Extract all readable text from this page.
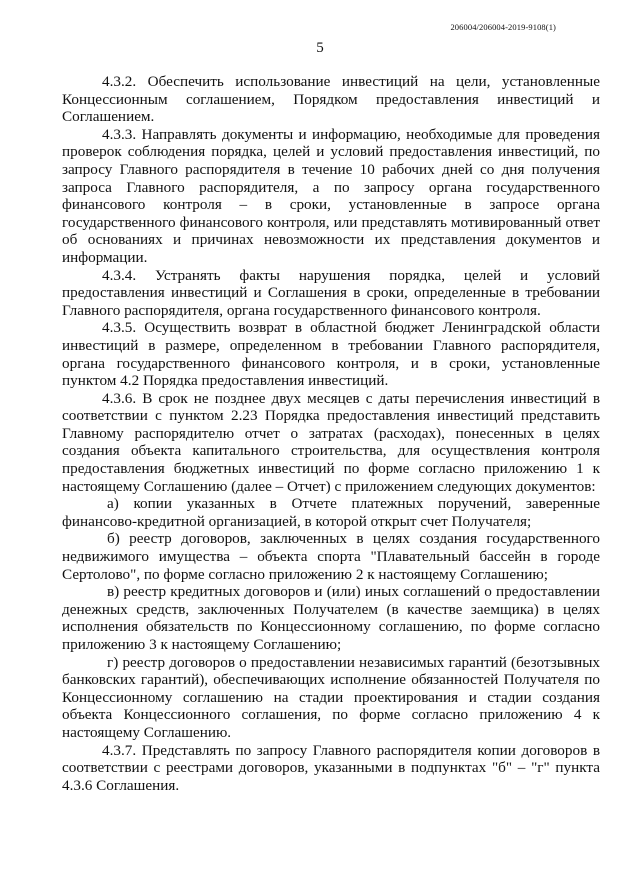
206004/206004-2019-9108(1)
5

4.3.2. Обеспечить использование инвестиций на цели, установленные Концессионным соглашением, Порядком предоставления инвестиций и Соглашением.

4.3.3. Направлять документы и информацию, необходимые для проведения проверок соблюдения порядка, целей и условий предоставления инвестиций, по запросу Главного распорядителя в течение 10 рабочих дней со дня получения запроса Главного распорядителя, а по запросу органа государственного финансового контроля – в сроки, установленные в запросе органа государственного финансового контроля, или представлять мотивированный ответ об основаниях и причинах невозможности их представления документов и информации.

4.3.4. Устранять факты нарушения порядка, целей и условий предоставления инвестиций и Соглашения в сроки, определенные в требовании Главного распорядителя, органа государственного финансового контроля.

4.3.5. Осуществить возврат в областной бюджет Ленинградской области инвестиций в размере, определенном в требовании Главного распорядителя, органа государственного финансового контроля, и в сроки, установленные пунктом 4.2 Порядка предоставления инвестиций.

4.3.6. В срок не позднее двух месяцев с даты перечисления инвестиций в соответствии с пунктом 2.23 Порядка предоставления инвестиций представить Главному распорядителю отчет о затратах (расходах), понесенных в целях создания объекта капитального строительства, для осуществления контроля предоставления бюджетных инвестиций по форме согласно приложению 1 к настоящему Соглашению (далее – Отчет) с приложением следующих документов:

а) копии указанных в Отчете платежных поручений, заверенные финансово-кредитной организацией, в которой открыт счет Получателя;

б) реестр договоров, заключенных в целях создания государственного недвижимого имущества – объекта спорта "Плавательный бассейн в городе Сертолово", по форме согласно приложению 2 к настоящему Соглашению;

в) реестр кредитных договоров и (или) иных соглашений о предоставлении денежных средств, заключенных Получателем (в качестве заемщика) в целях исполнения обязательств по Концессионному соглашению, по форме согласно приложению 3 к настоящему Соглашению;

г) реестр договоров о предоставлении независимых гарантий (безотзывных банковских гарантий), обеспечивающих исполнение обязанностей Получателя по Концессионному соглашению на стадии проектирования и стадии создания объекта Концессионного соглашения, по форме согласно приложению 4 к настоящему Соглашению.

4.3.7. Представлять по запросу Главного распорядителя копии договоров в соответствии с реестрами договоров, указанными в подпунктах "б" – "г" пункта 4.3.6 Соглашения.
